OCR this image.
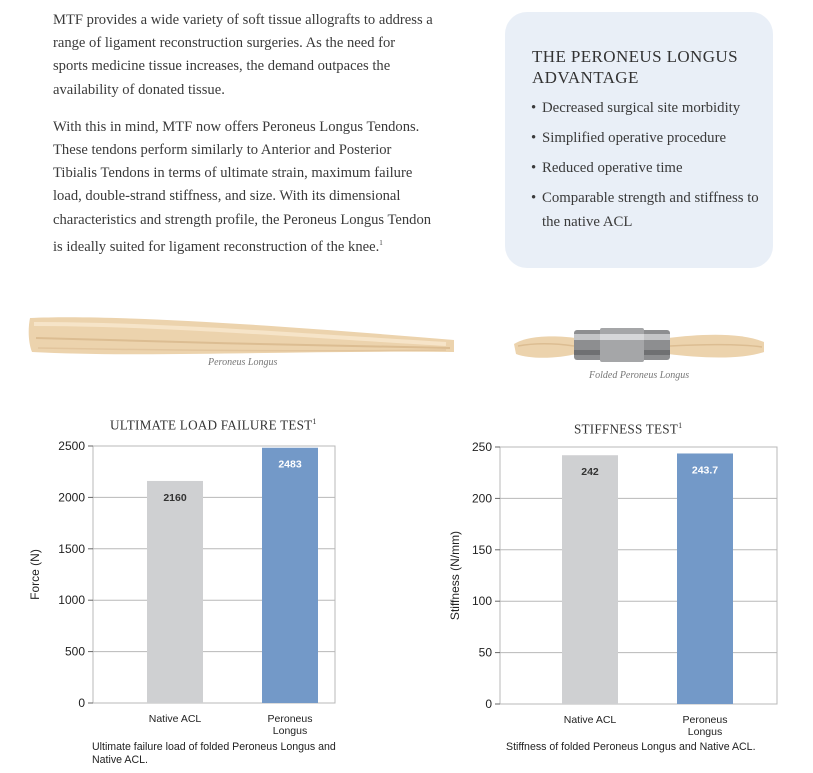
MTF provides a wide variety of soft tissue allografts to address a range of ligament reconstruction surgeries. As the need for sports medicine tissue increases, the demand outpaces the availability of donated tissue.

With this in mind, MTF now offers Peroneus Longus Tendons. These tendons perform similarly to Anterior and Posterior Tibialis Tendons in terms of ultimate strain, maximum failure load, double-strand stiffness, and size. With its dimensional characteristics and strength profile, the Peroneus Longus Tendon is ideally suited for ligament reconstruction of the knee.$^1$

THE PERONEUS LONGUS ADVANTAGE
• Decreased surgical site morbidity
• Simplified operative procedure
• Reduced operative time
• Comparable strength and stiffness to the native ACL
Peroneus Longus
Folded Peroneus Longus
ULTIMATE LOAD FAILURE TEST$^1$
0
500
1000
1500
2000
2500
Force (N)
2160
Native ACL
2483
Peroneus
Longus
Ultimate failure load of folded Peroneus Longus and Native ACL.
STIFFNESS TEST$^1$
0
50
100
150
200
250
Stiffness (N/mm)
242
Native ACL
243.7
Peroneus
Longus
Stiffness of folded Peroneus Longus and Native ACL.
